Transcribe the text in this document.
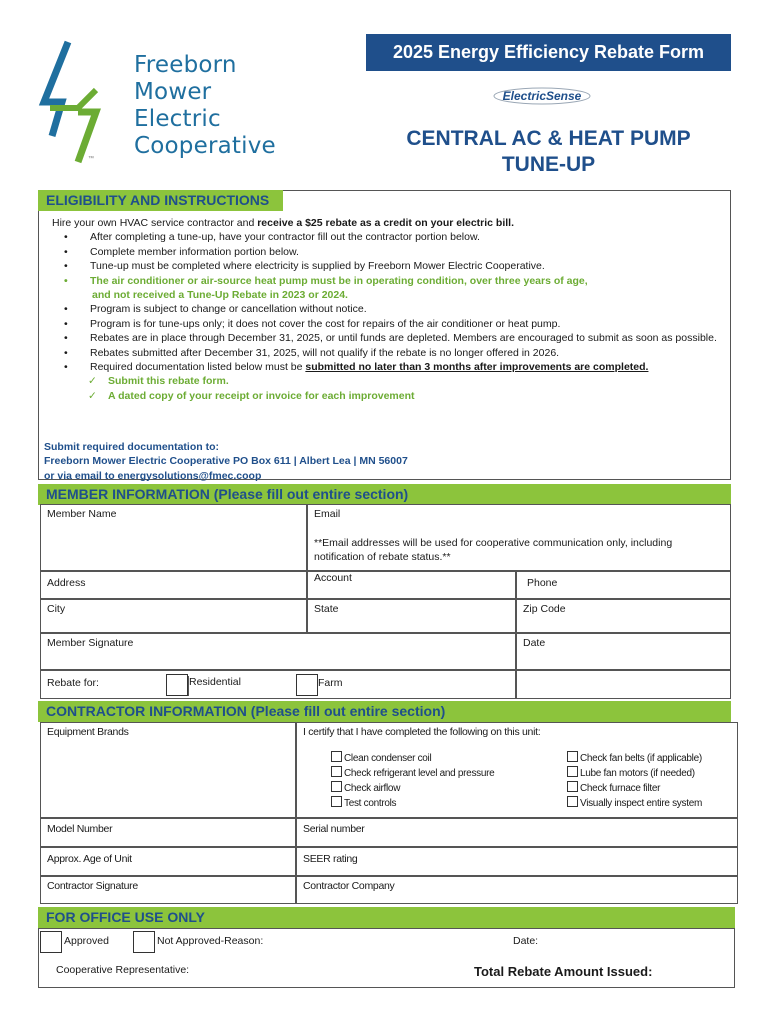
Freeborn
Mower
Electric
Cooperative
™
2025 Energy Efficiency Rebate Form
ElectricSense
CENTRAL AC & HEAT PUMP
TUNE-UP
ELIGIBILITY AND INSTRUCTIONS
Hire your own HVAC service contractor and receive a $25 rebate as a credit on your electric bill.
• After completing a tune-up, have your contractor fill out the contractor portion below.
• Complete member information portion below.
• Tune-up must be completed where electricity is supplied by Freeborn Mower Electric Cooperative.
• The air conditioner or air-source heat pump must be in operating condition, over three years of age,
and not received a Tune-Up Rebate in 2023 or 2024.
• Program is subject to change or cancellation without notice.
• Program is for tune-ups only; it does not cover the cost for repairs of the air conditioner or heat pump.
• Rebates are in place through December 31, 2025, or until funds are depleted. Members are encouraged to submit as soon as possible.
• Rebates submitted after December 31, 2025, will not qualify if the rebate is no longer offered in 2026.
• Required documentation listed below must be submitted no later than 3 months after improvements are completed.
✓ Submit this rebate form.
✓ A dated copy of your receipt or invoice for each improvement
Submit required documentation to:
Freeborn Mower Electric Cooperative PO Box 611 | Albert Lea | MN 56007
or via email to energysolutions@fmec.coop
MEMBER INFORMATION (Please fill out entire section)
Member Name	Email
**Email addresses will be used for cooperative communication only, including notification of rebate status.**
Address	Account	Phone
City	State	Zip Code
Member Signature	Date
Rebate for:	Residential	Farm
CONTRACTOR INFORMATION (Please fill out entire section)
Equipment Brands	I certify that I have completed the following on this unit:
Clean condenser coil
Check refrigerant level and pressure
Check airflow
Test controls
Check fan belts (if applicable)
Lube fan motors (if needed)
Check furnace filter
Visually inspect entire system
Model Number	Serial number
Approx. Age of Unit	SEER rating
Contractor Signature	Contractor Company
FOR OFFICE USE ONLY
Approved	Not Approved-Reason:	Date:
Cooperative Representative:	Total Rebate Amount Issued:
